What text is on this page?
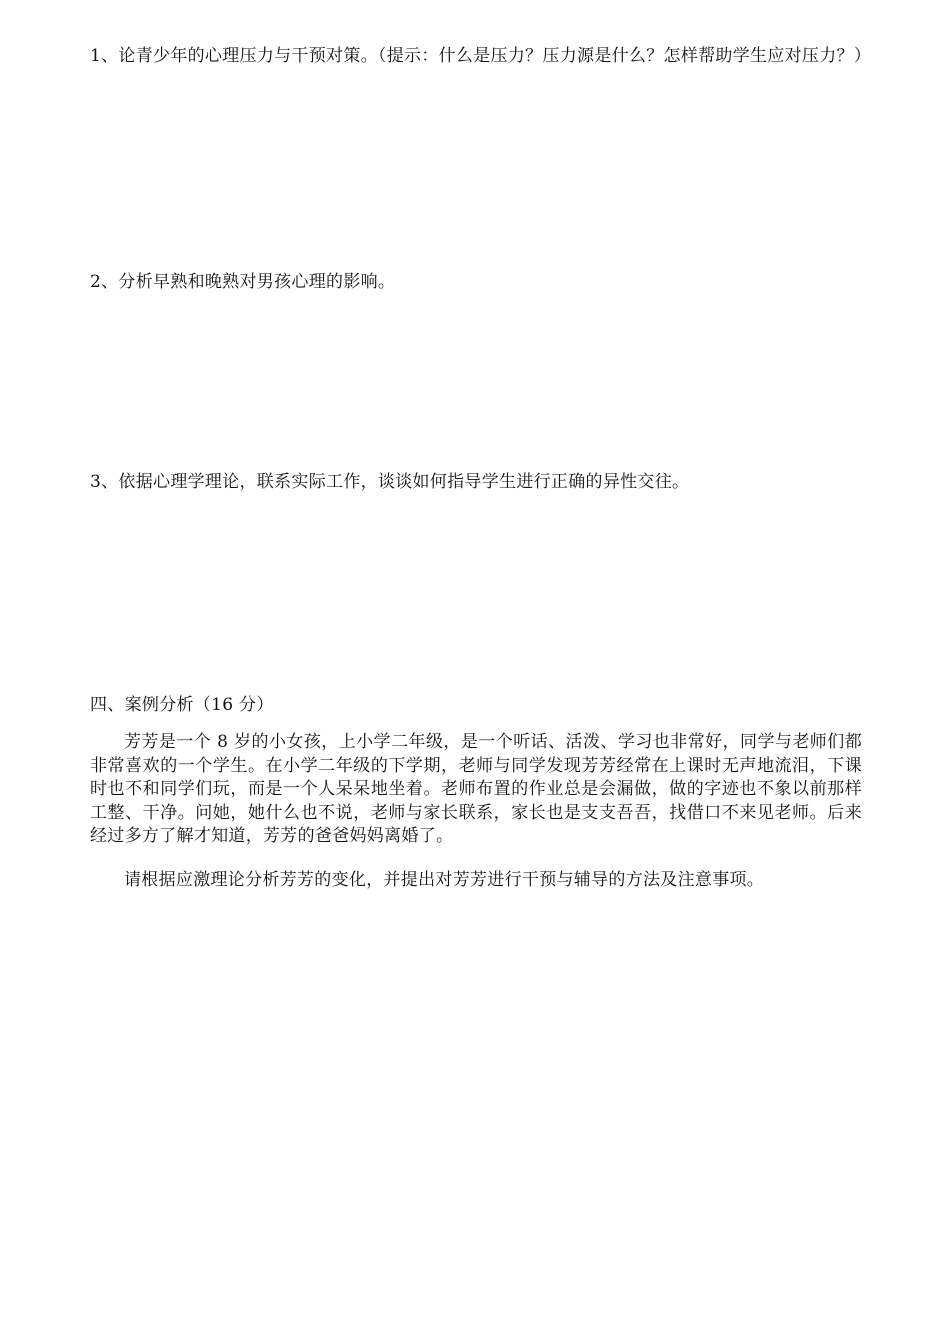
1、论青少年的心理压力与干预对策。（提示：什么是压力？压力源是什么？怎样帮助学生应对压力？）
2、分析早熟和晚熟对男孩心理的影响。
3、依据心理学理论，联系实际工作，谈谈如何指导学生进行正确的异性交往。
四、案例分析（16 分）
芳芳是一个 8 岁的小女孩，上小学二年级，是一个听话、活泼、学习也非常好，同学与老师们都非常喜欢的一个学生。在小学二年级的下学期，老师与同学发现芳芳经常在上课时无声地流泪，下课时也不和同学们玩，而是一个人呆呆地坐着。老师布置的作业总是会漏做，做的字迹也不象以前那样工整、干净。问她，她什么也不说，老师与家长联系，家长也是支支吾吾，找借口不来见老师。后来经过多方了解才知道，芳芳的爸爸妈妈离婚了。
请根据应激理论分析芳芳的变化，并提出对芳芳进行干预与辅导的方法及注意事项。
